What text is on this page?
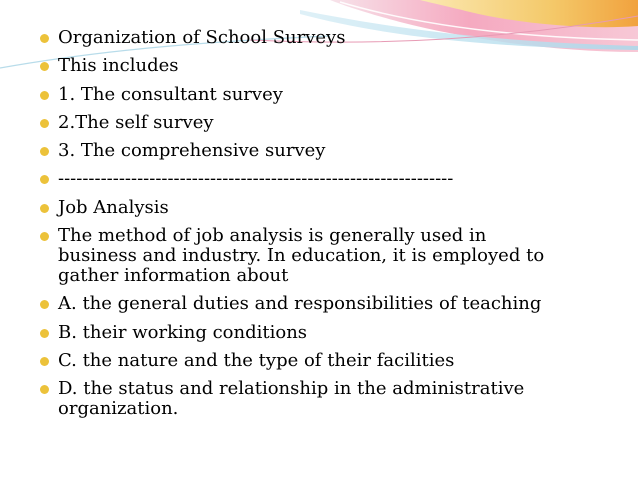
Organization of School Surveys
This includes
1. The consultant survey
2.The self survey
3. The comprehensive survey
-----------------------------------------------------------------
Job Analysis
The method of job analysis is generally used in business and industry. In education, it is employed to gather information about
A. the general duties and responsibilities of teaching
B. their working conditions
C. the nature and the type of their facilities
D. the status and relationship in the administrative organization.
